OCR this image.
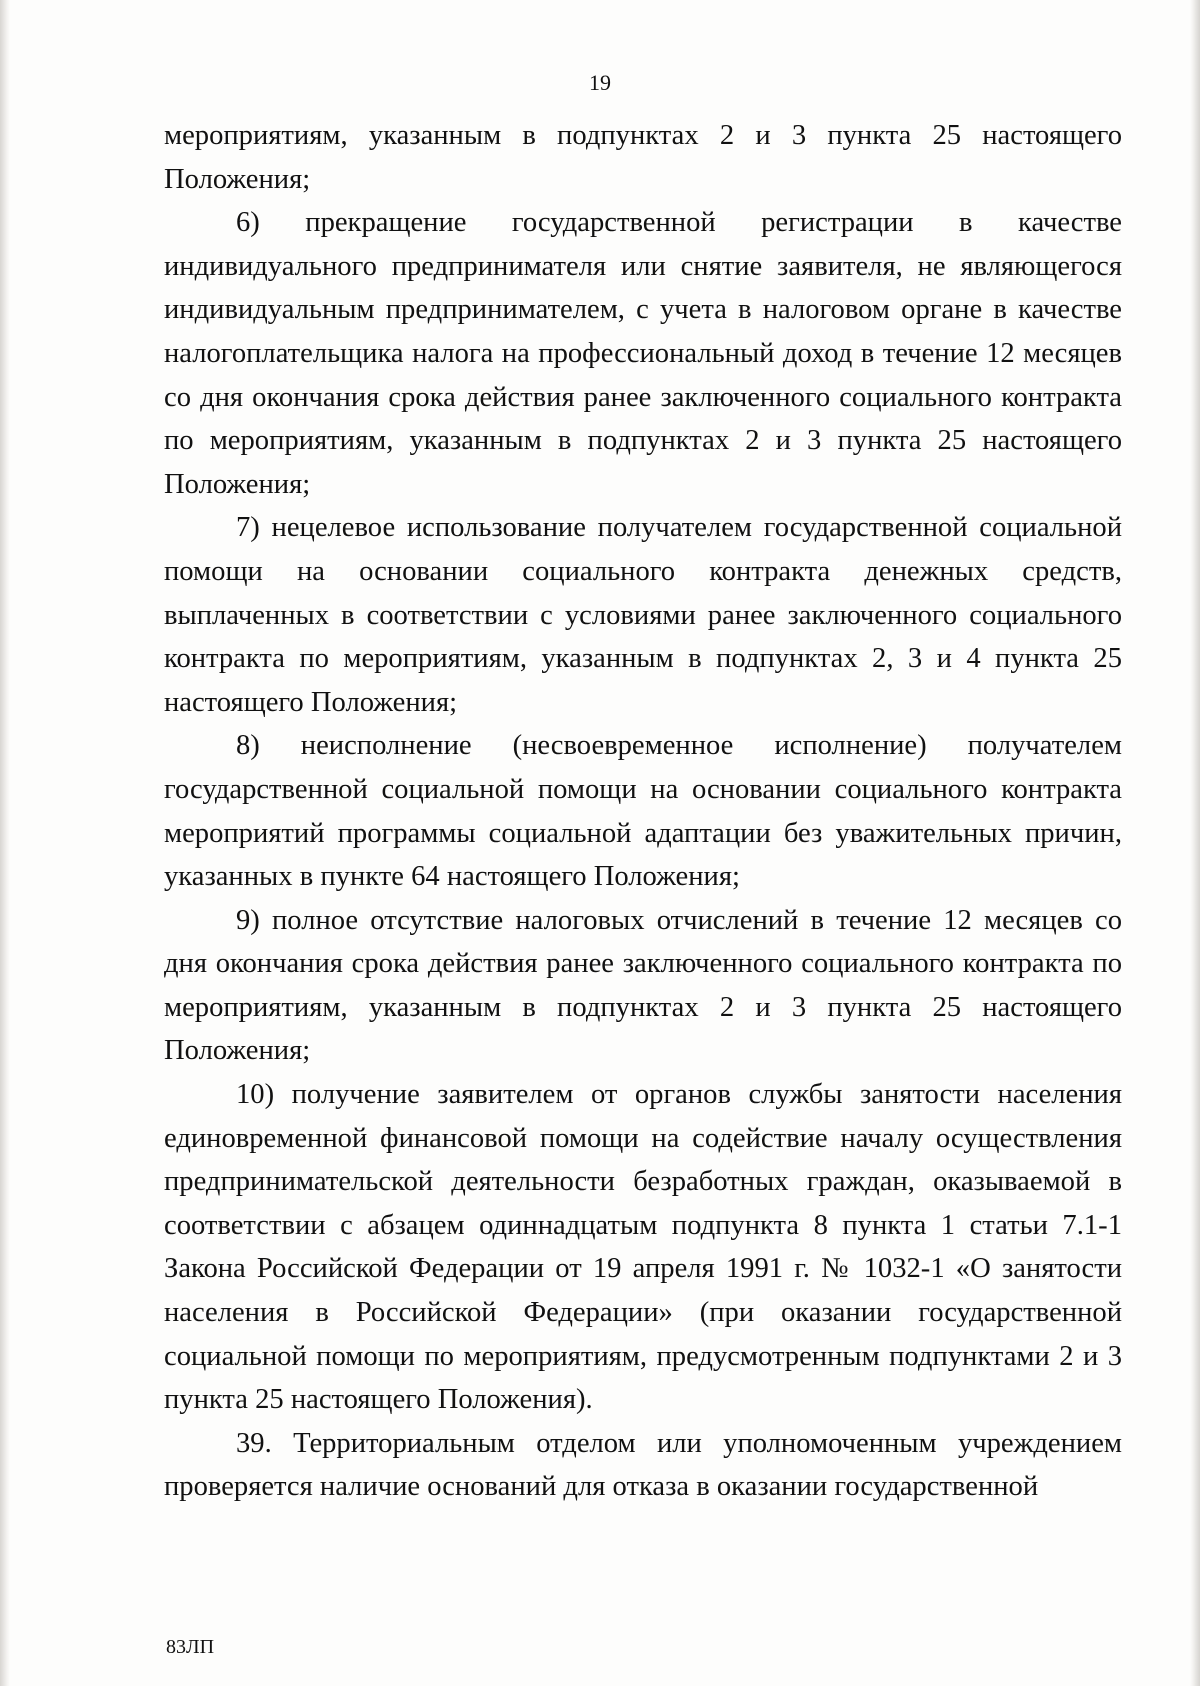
19

мероприятиям, указанным в подпунктах 2 и 3 пункта 25 настоящего Положения;

6) прекращение государственной регистрации в качестве индивидуального предпринимателя или снятие заявителя, не являющегося индивидуальным предпринимателем, с учета в налоговом органе в качестве налогоплательщика налога на профессиональный доход в течение 12 месяцев со дня окончания срока действия ранее заключенного социального контракта по мероприятиям, указанным в подпунктах 2 и 3 пункта 25 настоящего Положения;

7) нецелевое использование получателем государственной социальной помощи на основании социального контракта денежных средств, выплаченных в соответствии с условиями ранее заключенного социального контракта по мероприятиям, указанным в подпунктах 2, 3 и 4 пункта 25 настоящего Положения;

8) неисполнение (несвоевременное исполнение) получателем государственной социальной помощи на основании социального контракта мероприятий программы социальной адаптации без уважительных причин, указанных в пункте 64 настоящего Положения;

9) полное отсутствие налоговых отчислений в течение 12 месяцев со дня окончания срока действия ранее заключенного социального контракта по мероприятиям, указанным в подпунктах 2 и 3 пункта 25 настоящего Положения;

10) получение заявителем от органов службы занятости населения единовременной финансовой помощи на содействие началу осуществления предпринимательской деятельности безработных граждан, оказываемой в соответствии с абзацем одиннадцатым подпункта 8 пункта 1 статьи 7.1-1 Закона Российской Федерации от 19 апреля 1991 г. № 1032-1 «О занятости населения в Российской Федерации» (при оказании государственной социальной помощи по мероприятиям, предусмотренным подпунктами 2 и 3 пункта 25 настоящего Положения).

39. Территориальным отделом или уполномоченным учреждением проверяется наличие оснований для отказа в оказании государственной

83ЛП
